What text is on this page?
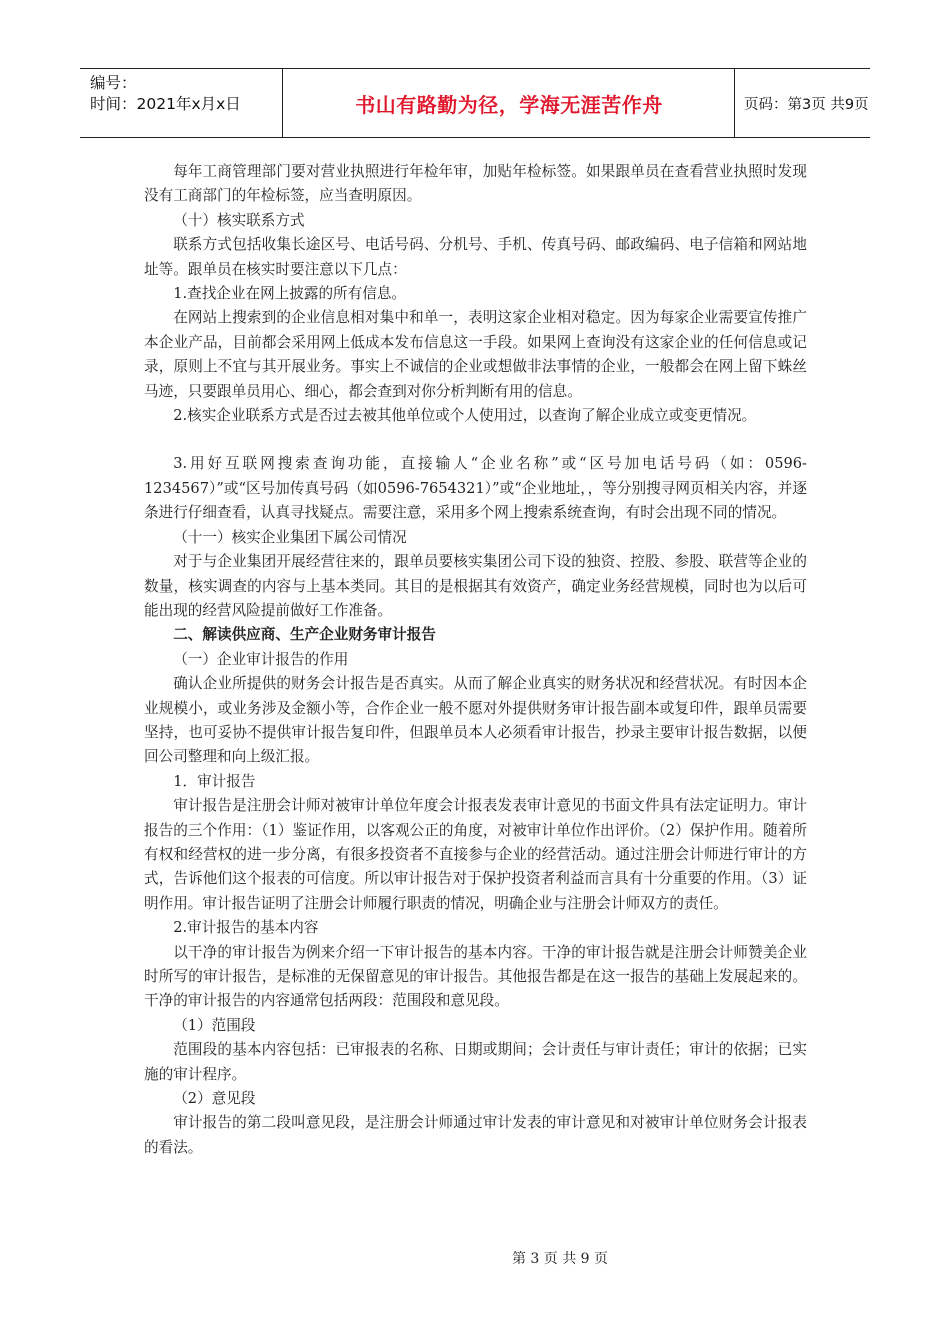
编号：
时间：2021年x月x日	书山有路勤为径，学海无涯苦作舟	页码：第3页 共9页

每年工商管理部门要对营业执照进行年检年审，加贴年检标签。如果跟单员在查看营业执照时发现没有工商部门的年检标签，应当查明原因。

（十）核实联系方式

联系方式包括收集长途区号、电话号码、分机号、手机、传真号码、邮政编码、电子信箱和网站地址等。跟单员在核实时要注意以下几点：

1.查找企业在网上披露的所有信息。

在网站上搜索到的企业信息相对集中和单一，表明这家企业相对稳定。因为每家企业需要宣传推广本企业产品，目前都会采用网上低成本发布信息这一手段。如果网上查询没有这家企业的任何信息或记录，原则上不宜与其开展业务。事实上不诚信的企业或想做非法事情的企业，一般都会在网上留下蛛丝马迹，只要跟单员用心、细心，都会查到对你分析判断有用的信息。

2.核实企业联系方式是否过去被其他单位或个人使用过，以查询了解企业成立或变更情况。

3.用好互联网搜索查询功能，直接输人“企业名称”或“区号加电话号码（如：0596-1234567）”或“区号加传真号码（如0596-7654321）”或“企业地址，，等分别搜寻网页相关内容，并逐条进行仔细查看，认真寻找疑点。需要注意，采用多个网上搜索系统查询，有时会出现不同的情况。

（十一）核实企业集团下属公司情况

对于与企业集团开展经营往来的，跟单员要核实集团公司下设的独资、控股、参股、联营等企业的数量，核实调查的内容与上基本类同。其目的是根据其有效资产，确定业务经营规模，同时也为以后可能出现的经营风险提前做好工作准备。

二、解读供应商、生产企业财务审计报告

（一）企业审计报告的作用

确认企业所提供的财务会计报告是否真实。从而了解企业真实的财务状况和经营状况。有时因本企业规模小，或业务涉及金额小等，合作企业一般不愿对外提供财务审计报告副本或复印件，跟单员需要坚持，也可妥协不提供审计报告复印件，但跟单员本人必须看审计报告，抄录主要审计报告数据，以便回公司整理和向上级汇报。

1．审计报告

审计报告是注册会计师对被审计单位年度会计报表发表审计意见的书面文件具有法定证明力。审计报告的三个作用：（1）鉴证作用，以客观公正的角度，对被审计单位作出评价。（2）保护作用。随着所有权和经营权的进一步分离，有很多投资者不直接参与企业的经营活动。通过注册会计师进行审计的方式，告诉他们这个报表的可信度。所以审计报告对于保护投资者利益而言具有十分重要的作用。（3）证明作用。审计报告证明了注册会计师履行职责的情况，明确企业与注册会计师双方的责任。

2.审计报告的基本内容

以干净的审计报告为例来介绍一下审计报告的基本内容。干净的审计报告就是注册会计师赞美企业时所写的审计报告，是标准的无保留意见的审计报告。其他报告都是在这一报告的基础上发展起来的。干净的审计报告的内容通常包括两段：范围段和意见段。

（1）范围段

范围段的基本内容包括：已审报表的名称、日期或期间；会计责任与审计责任；审计的依据；已实施的审计程序。

（2）意见段

审计报告的第二段叫意见段，是注册会计师通过审计发表的审计意见和对被审计单位财务会计报表的看法。

第 3 页 共 9 页
